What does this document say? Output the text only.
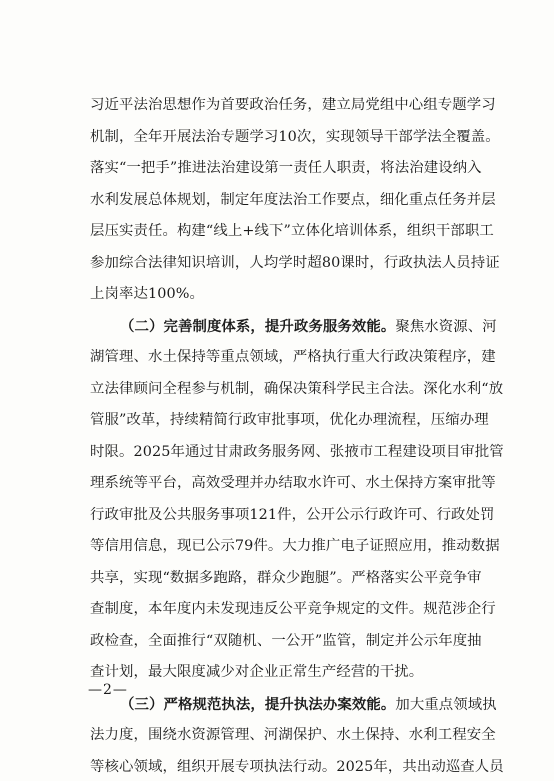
习近平法治思想作为首要政治任务，建立局党组中心组专题学习
机制，全年开展法治专题学习10次，实现领导干部学法全覆盖。
落实“一把手”推进法治建设第一责任人职责，将法治建设纳入
水利发展总体规划，制定年度法治工作要点，细化重点任务并层
层压实责任。构建“线上+线下”立体化培训体系，组织干部职工
参加综合法律知识培训，人均学时超80课时，行政执法人员持证
上岗率达100%。
（二）完善制度体系，提升政务服务效能。聚焦水资源、河
湖管理、水土保持等重点领域，严格执行重大行政决策程序，建
立法律顾问全程参与机制，确保决策科学民主合法。深化水利“放
管服”改革，持续精简行政审批事项，优化办理流程，压缩办理
时限。2025年通过甘肃政务服务网、张掖市工程建设项目审批管
理系统等平台，高效受理并办结取水许可、水土保持方案审批等
行政审批及公共服务事项121件，公开公示行政许可、行政处罚
等信用信息，现已公示79件。大力推广电子证照应用，推动数据
共享，实现“数据多跑路，群众少跑腿”。严格落实公平竞争审
查制度，本年度内未发现违反公平竞争规定的文件。规范涉企行
政检查，全面推行“双随机、一公开”监管，制定并公示年度抽
查计划，最大限度减少对企业正常生产经营的干扰。
（三）严格规范执法，提升执法办案效能。加大重点领域执
法力度，围绕水资源管理、河湖保护、水土保持、水利工程安全
等核心领域，组织开展专项执法行动。2025年，共出动巡查人员
—2—
